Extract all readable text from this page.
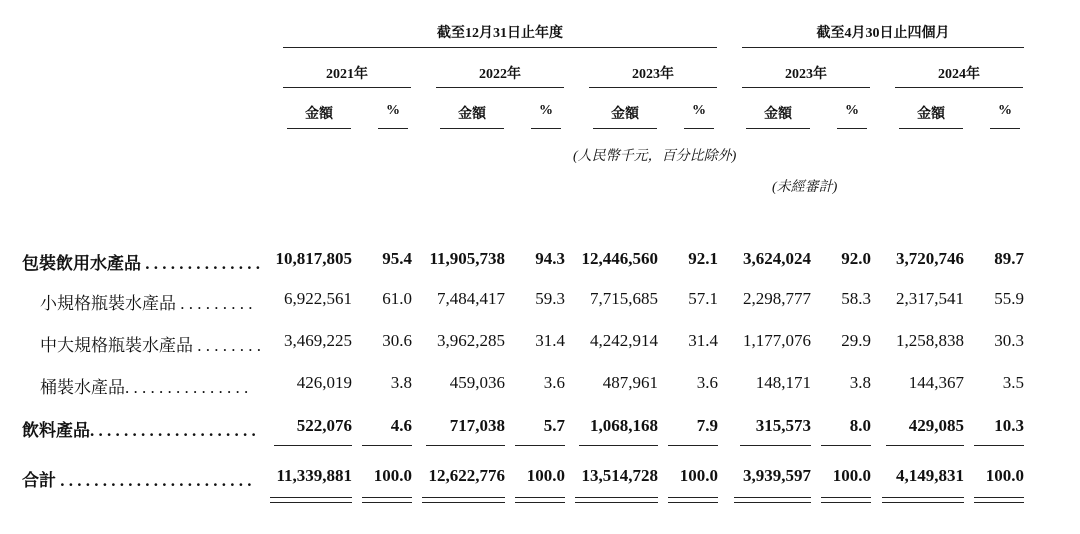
截至12月31日止年度	截至4月30日止四個月
2021年	2022年	2023年	2023年	2024年
金額	%	金額	%	金額	%	金額	%	金額	%
(人民幣千元，百分比除外)
(未經審計)
包裝飲用水產品 . . . . . . . . . . . . . . 10,817,805	95.4	11,905,738	94.3 12,446,560	92.1	3,624,024	92.0	3,720,746	89.7
小規格瓶裝水產品 . . . . . . . . .	6,922,561	61.0	7,484,417	59.3	7,715,685	57.1	2,298,777	58.3	2,317,541	55.9
中大規格瓶裝水產品 . . . . . . . .	3,469,225	30.6	3,962,285	31.4	4,242,914	31.4	1,177,076	29.9	1,258,838	30.3
桶裝水產品. . . . . . . . . . . . . . .	426,019	3.8	459,036	3.6	487,961	3.6	148,171	3.8	144,367	3.5
飲料產品. . . . . . . . . . . . . . . . . . . .	522,076	4.6	717,038	5.7	1,068,168	7.9	315,573	8.0	429,085	10.3
合計 . . . . . . . . . . . . . . . . . . . . . . .	11,339,881	100.0 12,622,776	100.0 13,514,728	100.0	3,939,597	100.0	4,149,831	100.0
